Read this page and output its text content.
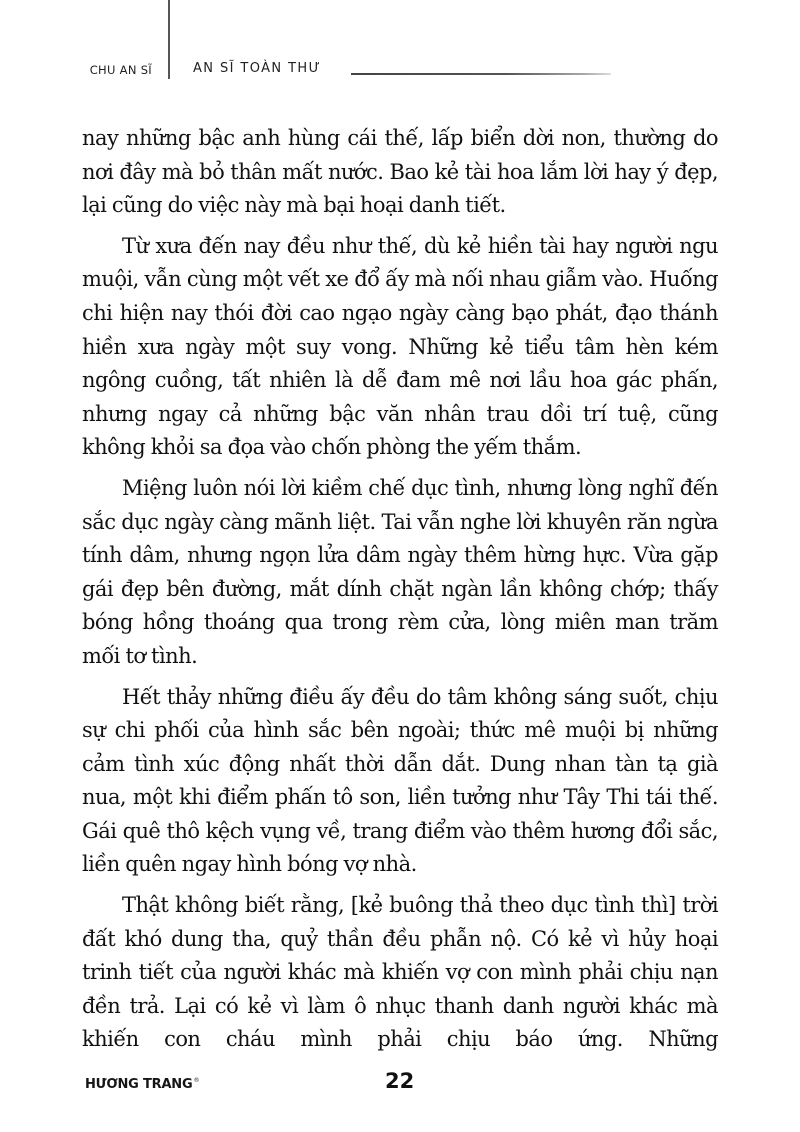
CHU AN SĨ	AN SĨ TOÀN THƯ

nay những bậc anh hùng cái thế, lấp biển dời non, thường do nơi đây mà bỏ thân mất nước. Bao kẻ tài hoa lắm lời hay ý đẹp, lại cũng do việc này mà bại hoại danh tiết.

Từ xưa đến nay đều như thế, dù kẻ hiền tài hay người ngu muội, vẫn cùng một vết xe đổ ấy mà nối nhau giẫm vào. Huống chi hiện nay thói đời cao ngạo ngày càng bạo phát, đạo thánh hiền xưa ngày một suy vong. Những kẻ tiểu tâm hèn kém ngông cuồng, tất nhiên là dễ đam mê nơi lầu hoa gác phấn, nhưng ngay cả những bậc văn nhân trau dồi trí tuệ, cũng không khỏi sa đọa vào chốn phòng the yếm thắm.

Miệng luôn nói lời kiềm chế dục tình, nhưng lòng nghĩ đến sắc dục ngày càng mãnh liệt. Tai vẫn nghe lời khuyên răn ngừa tính dâm, nhưng ngọn lửa dâm ngày thêm hừng hực. Vừa gặp gái đẹp bên đường, mắt dính chặt ngàn lần không chớp; thấy bóng hồng thoáng qua trong rèm cửa, lòng miên man trăm mối tơ tình.

Hết thảy những điều ấy đều do tâm không sáng suốt, chịu sự chi phối của hình sắc bên ngoài; thức mê muội bị những cảm tình xúc động nhất thời dẫn dắt. Dung nhan tàn tạ già nua, một khi điểm phấn tô son, liền tưởng như Tây Thi tái thế. Gái quê thô kệch vụng về, trang điểm vào thêm hương đổi sắc, liền quên ngay hình bóng vợ nhà.

Thật không biết rằng, [kẻ buông thả theo dục tình thì] trời đất khó dung tha, quỷ thần đều phẫn nộ. Có kẻ vì hủy hoại trinh tiết của người khác mà khiến vợ con mình phải chịu nạn đền trả. Lại có kẻ vì làm ô nhục thanh danh người khác mà khiến con cháu mình phải chịu báo ứng. Những

HƯƠNG TRANG®	22
